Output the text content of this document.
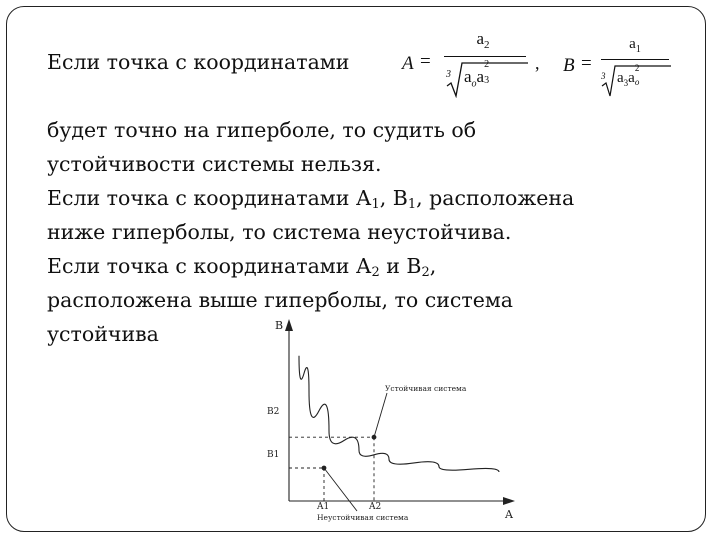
Если точка с координатами	A =
$a_2$
3 $a_oa$
2
3
, B =
$a_1$
3 $a_3a$
2
o
будет точно на гиперболе, то судить об
устойчивости системы нельзя.
Если точка с координатами $А_1$, $В_1$, расположена
ниже гиперболы, то система неустойчива.
Если точка с координатами $А_2$ и $В_2$,
расположена выше гиперболы, то система
устойчива	B
A
B2
B1
A1	A2
Устойчивая система
Неустойчивая система
